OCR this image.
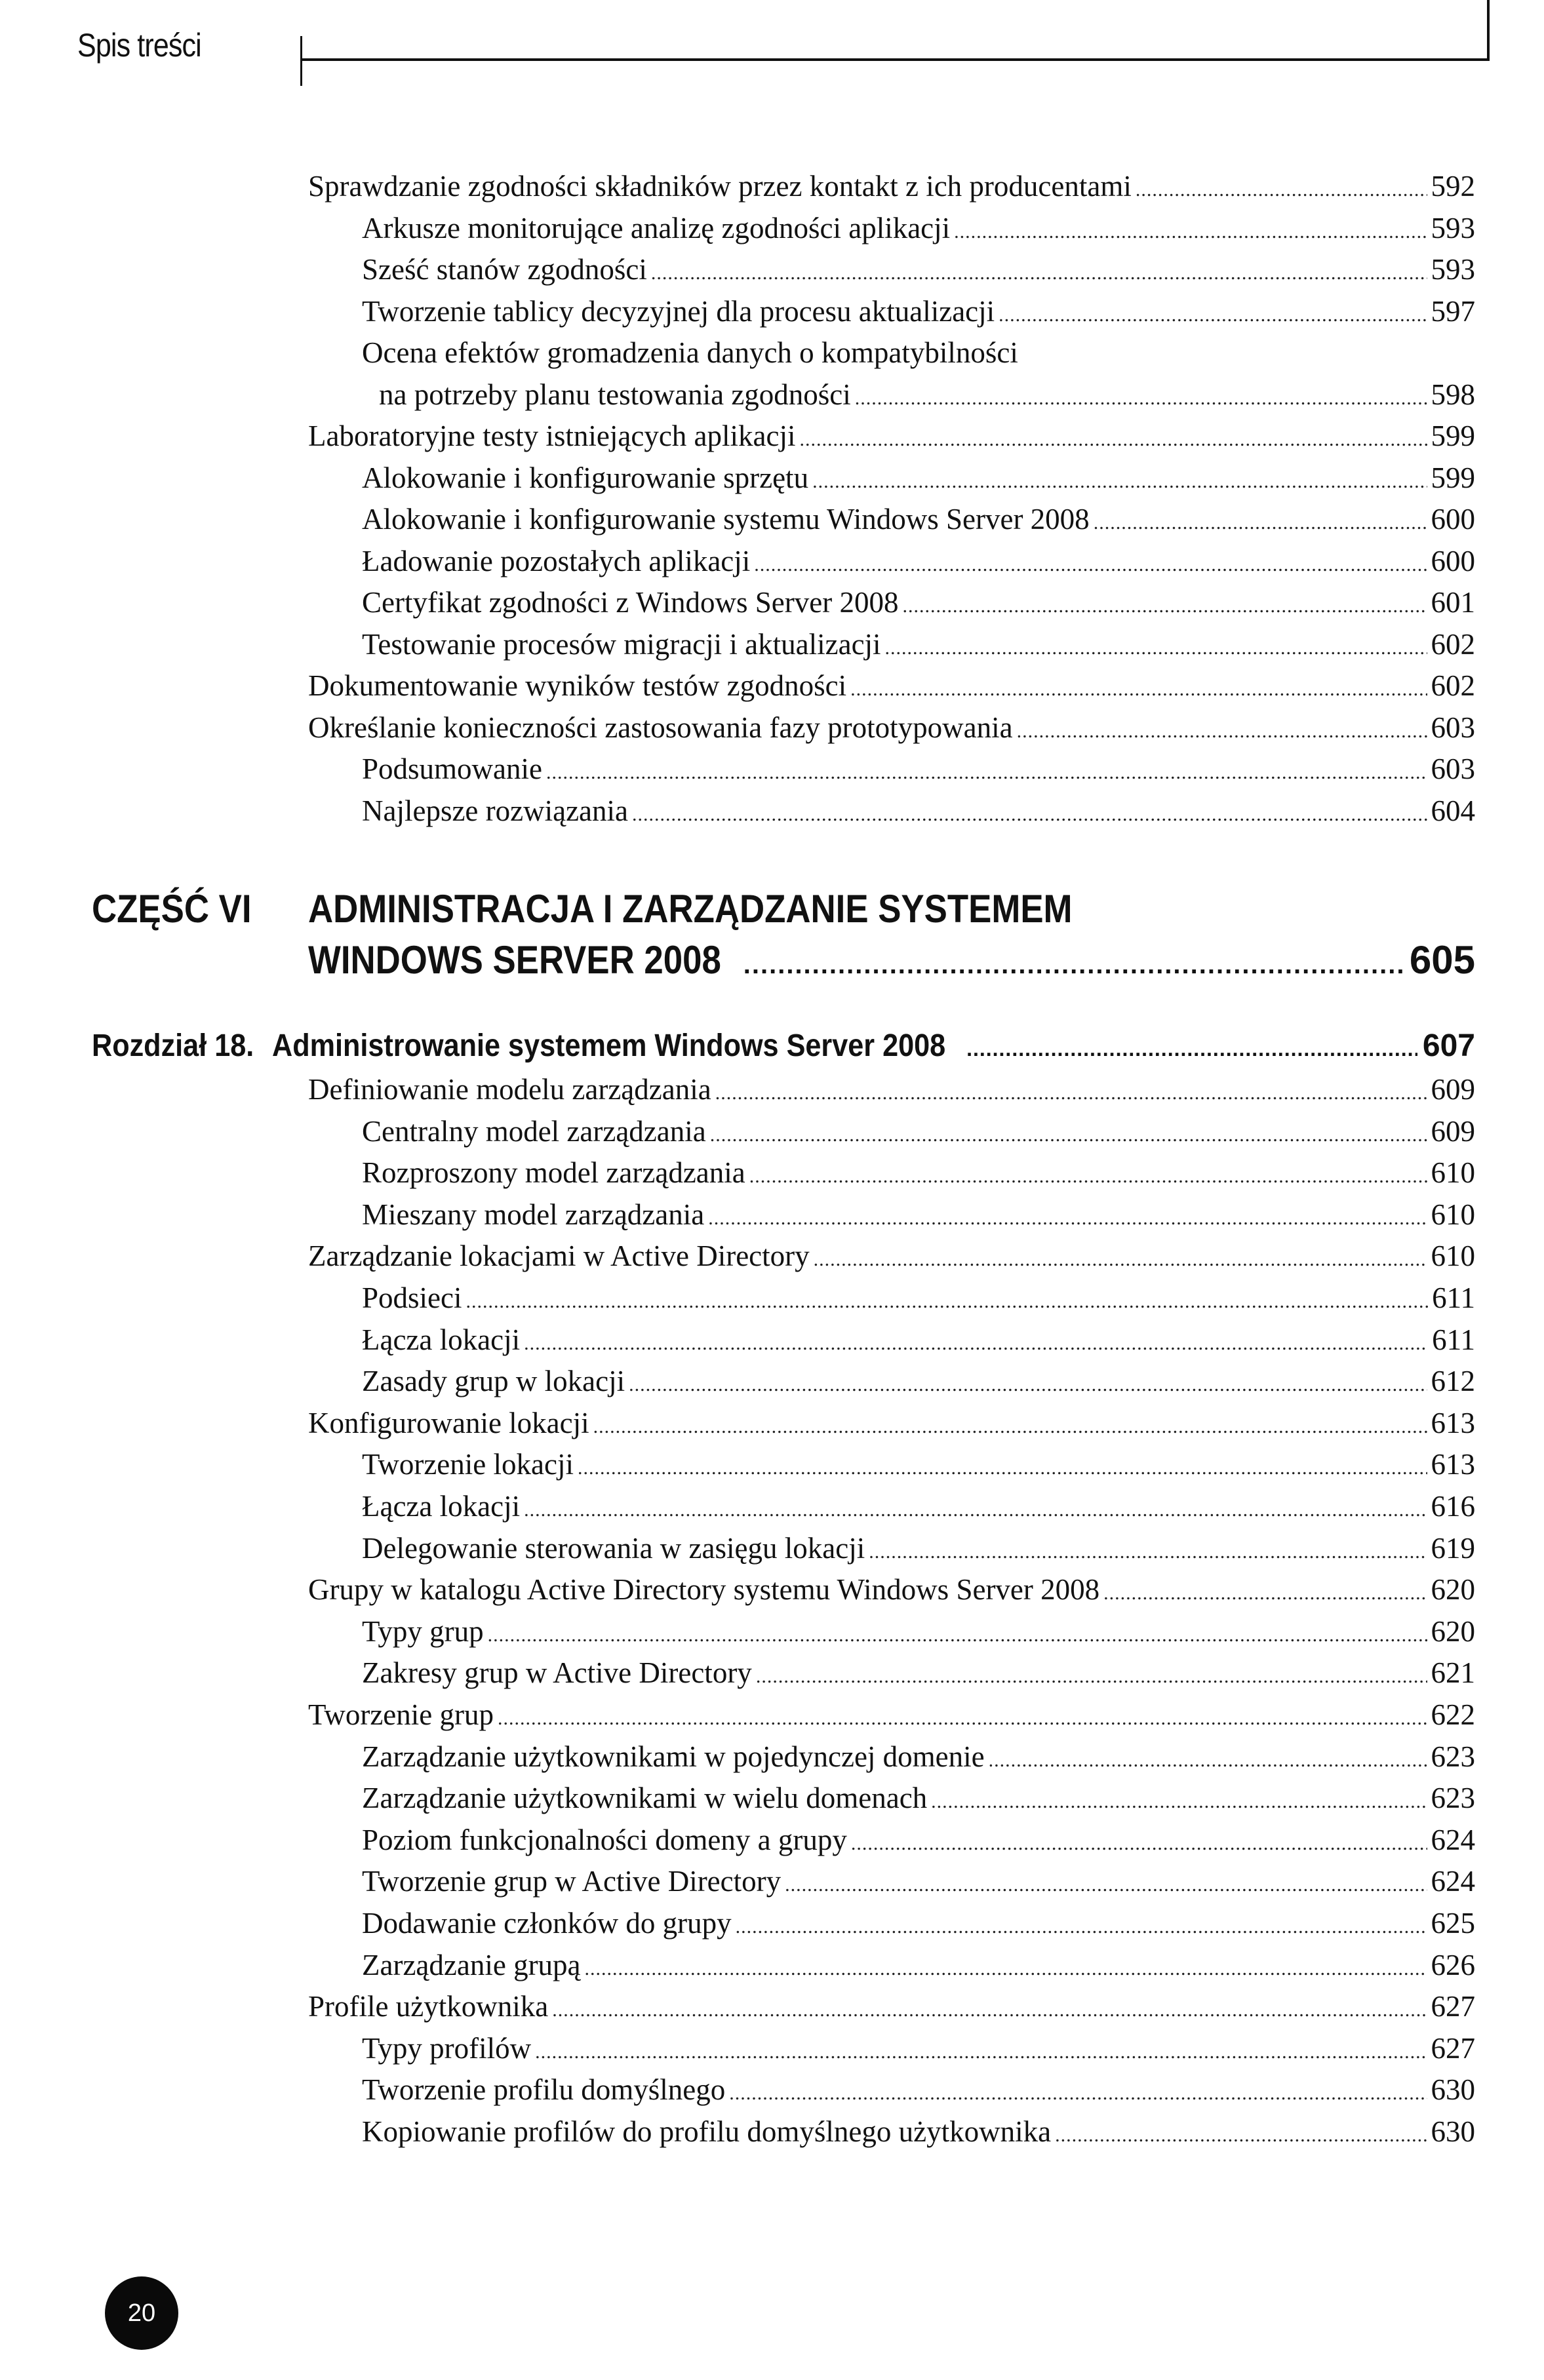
Spis treści
Sprawdzanie zgodności składników przez kontakt z ich producentami .....	592
Arkusze monitorujące analizę zgodności aplikacji .....	593
Sześć stanów zgodności .....	593
Tworzenie tablicy decyzyjnej dla procesu aktualizacji .....	597
Ocena efektów gromadzenia danych o kompatybilności
na potrzeby planu testowania zgodności .....	598
Laboratoryjne testy istniejących aplikacji .....	599
Alokowanie i konfigurowanie sprzętu .....	599
Alokowanie i konfigurowanie systemu Windows Server 2008 .....	600
Ładowanie pozostałych aplikacji .....	600
Certyfikat zgodności z Windows Server 2008 .....	601
Testowanie procesów migracji i aktualizacji .....	602
Dokumentowanie wyników testów zgodności .....	602
Określanie konieczności zastosowania fazy prototypowania .....	603
Podsumowanie .....	603
Najlepsze rozwiązania .....	604
CZĘŚĆ VI ADMINISTRACJA I ZARZĄDZANIE SYSTEMEM
WINDOWS SERVER 2008 .....	605
Rozdział 18. Administrowanie systemem Windows Server 2008 .....	607
Definiowanie modelu zarządzania .....	609
Centralny model zarządzania .....	609
Rozproszony model zarządzania .....	610
Mieszany model zarządzania .....	610
Zarządzanie lokacjami w Active Directory .....	610
Podsieci .....	611
Łącza lokacji .....	611
Zasady grup w lokacji .....	612
Konfigurowanie lokacji .....	613
Tworzenie lokacji .....	613
Łącza lokacji .....	616
Delegowanie sterowania w zasięgu lokacji .....	619
Grupy w katalogu Active Directory systemu Windows Server 2008 .....	620
Typy grup .....	620
Zakresy grup w Active Directory .....	621
Tworzenie grup .....	622
Zarządzanie użytkownikami w pojedynczej domenie .....	623
Zarządzanie użytkownikami w wielu domenach .....	623
Poziom funkcjonalności domeny a grupy .....	624
Tworzenie grup w Active Directory .....	624
Dodawanie członków do grupy .....	625
Zarządzanie grupą .....	626
Profile użytkownika .....	627
Typy profilów .....	627
Tworzenie profilu domyślnego .....	630
Kopiowanie profilów do profilu domyślnego użytkownika .....	630
20
